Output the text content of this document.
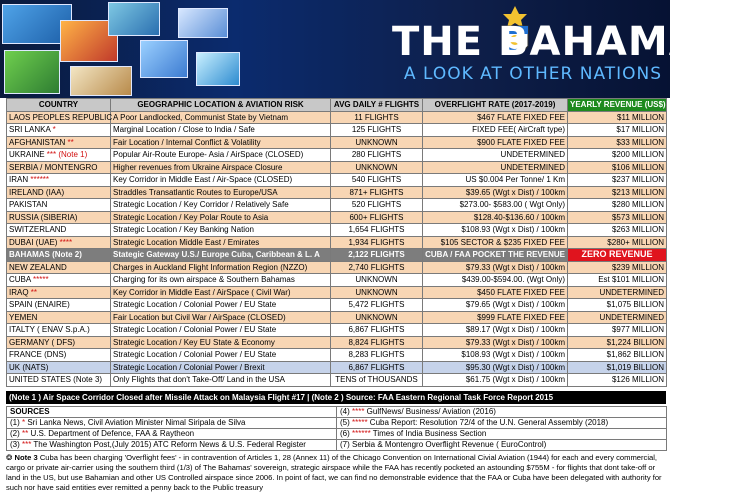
THE BAHAMAS
A LOOK AT OTHER NATIONS
COUNTRY	GEOGRAPHIC LOCATION & AVIATION RISK	AVG DAILY # FLIGHTS	OVERFLIGHT RATE (2017-2019)	YEARLY REVENUE (US$)
LAOS PEOPLES REPUBLIC	A Poor Landlocked, Communist State by Vietnam	11 FLIGHTS	$467 FLATE FIXED FEE	$11 MILLION
SRI LANKA *	Marginal Location / Close to India / Safe	125 FLIGHTS	FIXED FEE( AirCraft type)	$17 MILLION
AFGHANISTAN **	Fair Location / Internal Conflict & Volatility	UNKNOWN	$900 FLATE FIXED FEE	$33 MILLION
UKRAINE *** (Note 1)	Popular Air-Route Europe- Asia / AirSpace (CLOSED)	280 FLIGHTS	UNDETERMINED	$200 MILLION
SERBIA / MONTENGRO	Higher revenues from Ukraine Airspace Closure	UNKNOWN	UNDETERMINED	$106 MILLION
IRAN ******	Key Corridor in Middle East / Air-Space (CLOSED)	540 FLIGHTS	US $0.004 Per Tonne/ 1 Km	$237 MILLION
IRELAND (IAA)	Straddles Transatlantic Routes to Europe/USA	871+ FLIGHTS	$39.65 (Wgt x Dist) / 100km	$213 MILLION
PAKISTAN	Strategic Location / Key Corridor / Relatively Safe	520 FLIGHTS	$273.00- $583.00 ( Wgt Only)	$280 MILLION
RUSSIA (SIBERIA)	Strategic Location / Key Polar Route to Asia	600+ FLIGHTS	$128.40-$136.60 / 100km	$573 MILLION
SWITZERLAND	Strategic Location / Key Banking Nation	1,654 FLIGHTS	$108.93 (Wgt x Dist) / 100km	$263 MILLION
DUBAI (UAE) ****	Strategic Location Middle East / Emirates	1,934 FLIGHTS	$105 SECTOR & $235 FIXED FEE	$280+ MILLION
BAHAMAS (Note 2)	Stategic Gateway U.S./ Europe Cuba, Caribbean & L. A	2,122 FLIGHTS	CUBA / FAA POCKET THE REVENUE	ZERO REVENUE
NEW ZEALAND	Charges in Auckland Flight Information Region (NZZO)	2,740 FLIGHTS	$79.33 (Wgt x Dist) / 100km	$239 MILLION
CUBA *****	Charging for its own airspace & Southern Bahamas	UNKNOWN	$439.00-$594.00. (Wgt Only)	Est $101 MILLION
IRAQ **	Key Corridor in Middle East / AirSpace ( Civil War)	UNKNOWN	$450 FLATE FIXED FEE	UNDETERMINED
SPAIN (ENAIRE)	Strategic Location / Colonial Power / EU State	5,472 FLIGHTS	$79.65 (Wgt x Dist) / 100km	$1,075 BILLION
YEMEN	Fair Location but Civil War / AirSpace (CLOSED)	UNKNOWN	$999 FLATE FIXED FEE	UNDETERMINED
ITALTY ( ENAV S.p.A.)	Strategic Location / Colonial Power / EU State	6,867 FLIGHTS	$89.17 (Wgt x Dist) / 100km	$977 MILLION
GERMANY ( DFS)	Strategic Location / Key EU State & Economy	8,824 FLIGHTS	$79.33 (Wgt x Dist) / 100km	$1,224 BILLION
FRANCE (DNS)	Strategic Location / Colonial Power / EU State	8,283 FLIGHTS	$108.93 (Wgt x Dist) / 100km	$1,862 BILLION
UK (NATS)	Strategic Location / Colonial Power / Brexit	6,867 FLIGHTS	$95.30 (Wgt x Dist) / 100km	$1,019 BILLION
UNITED STATES (Note 3)	Only Flights that don't Take-Off/ Land in the USA	TENS of THOUSANDS	$61.75 (Wgt x Dist) / 100km	$126 MILLION
(Note 1 ) Air Space Corridor Closed after Missile Attack on Malaysia Flight #17 | (Note 2 ) Source: FAA Eastern Regional Task Force Report 2015
SOURCES	(4) **** GulfNews/ Business/ Aviation (2016)
(1) * Sri Lanka News, Civil Aviation Minister Nimal Siripala de Silva	(5) ***** Cuba Report: Resolution 72/4 of the U.N. General Assembly (2018)
(2) ** U.S. Department of Defence, FAA & Raytheon	(6) ****** Times of India Business Section
(3) *** The Washington Post,(July 2015) ATC Reform News & U.S. Federal Register	(7) Serbia & Montengro Overflight Revenue ( EuroControl)
❂ Note 3 Cuba has been charging 'Overflight fees' - in contravention of Articles 1, 28 (Annex 11) of the Chicago Convention on International Civial Aviation (1944) for each and every commercial, cargo or private air-carrier using the southern third (1/3) of The Bahamas' sovereign, strategic airspace while the FAA has recently pocketed an astounding $755M - for flights that dont take-off or land in the US, but use Bahamian and other US Controlled airspace since 2006. In point of fact, we can find no demonstrable evidence that the FAA or Cuba have been delegated with authority for such nor have said entities ever remitted a penny back to the Public treasury
